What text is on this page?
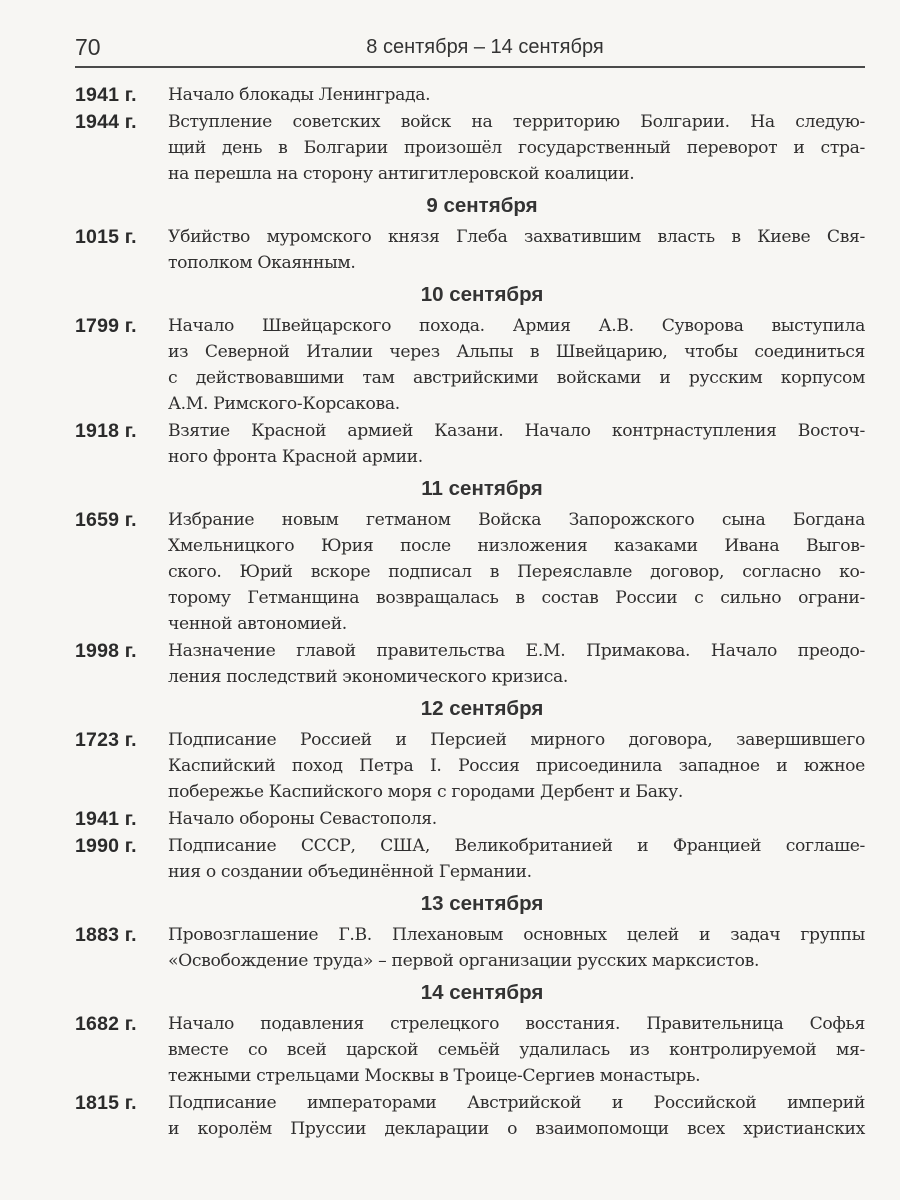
70	8 сентября – 14 сентября
1941 г.	Начало блокады Ленинграда.
1944 г.	Вступление советских войск на территорию Болгарии. На следую-
щий день в Болгарии произошёл государственный переворот и стра-
на перешла на сторону антигитлеровской коалиции.
9 сентября
1015 г.	Убийство муромского князя Глеба захватившим власть в Киеве Свя-
тополком Окаянным.
10 сентября
1799 г.	Начало Швейцарского похода. Армия А.В. Суворова выступила
из Северной Италии через Альпы в Швейцарию, чтобы соединиться
с действовавшими там австрийскими войсками и русским корпусом
А.М. Римского-Корсакова.
1918 г.	Взятие Красной армией Казани. Начало контрнаступления Восточ-
ного фронта Красной армии.
11 сентября
1659 г.	Избрание новым гетманом Войска Запорожского сына Богдана
Хмельницкого Юрия после низложения казаками Ивана Выгов-
ского. Юрий вскоре подписал в Переяславле договор, согласно ко-
торому Гетманщина возвращалась в состав России с сильно ограни-
ченной автономией.
1998 г.	Назначение главой правительства Е.М. Примакова. Начало преодо-
ления последствий экономического кризиса.
12 сентября
1723 г.	Подписание Россией и Персией мирного договора, завершившего
Каспийский поход Петра I. Россия присоединила западное и южное
побережье Каспийского моря с городами Дербент и Баку.
1941 г.	Начало обороны Севастополя.
1990 г.	Подписание СССР, США, Великобританией и Францией соглаше-
ния о создании объединённой Германии.
13 сентября
1883 г.	Провозглашение Г.В. Плехановым основных целей и задач группы
«Освобождение труда» – первой организации русских марксистов.
14 сентября
1682 г.	Начало подавления стрелецкого восстания. Правительница Софья
вместе со всей царской семьёй удалилась из контролируемой мя-
тежными стрельцами Москвы в Троице-Сергиев монастырь.
1815 г.	Подписание императорами Австрийской и Российской империй
и королём Пруссии декларации о взаимопомощи всех христианских
